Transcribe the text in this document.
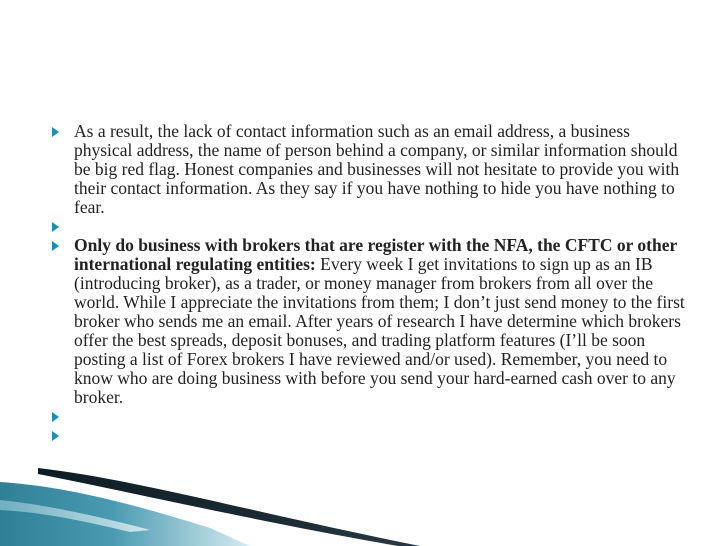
As a result, the lack of contact information such as an email address, a business physical address, the name of person behind a company, or similar information should be big red flag. Honest companies and businesses will not hesitate to provide you with their contact information. As they say if you have nothing to hide you have nothing to fear.
Only do business with brokers that are register with the NFA, the CFTC or other international regulating entities: Every week I get invitations to sign up as an IB (introducing broker), as a trader, or money manager from brokers from all over the world. While I appreciate the invitations from them; I don’t just send money to the first broker who sends me an email. After years of research I have determine which brokers offer the best spreads, deposit bonuses, and trading platform features (I’ll be soon posting a list of Forex brokers I have reviewed and/or used). Remember, you need to know who are doing business with before you send your hard-earned cash over to any broker.
